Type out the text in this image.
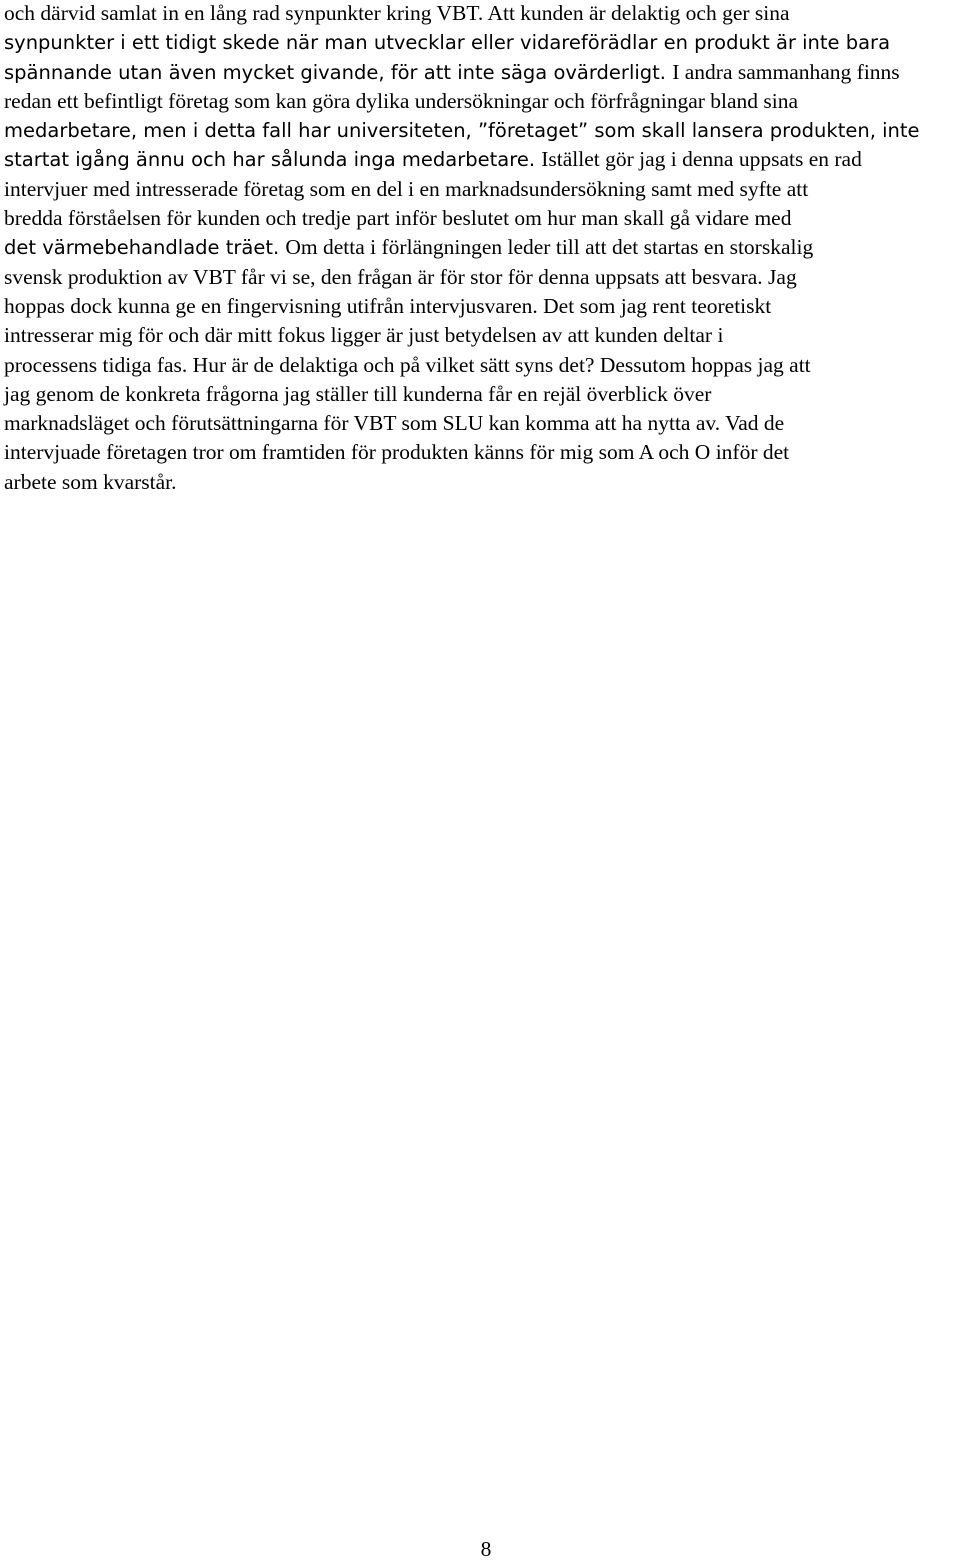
och därvid samlat in en lång rad synpunkter kring VBT. Att kunden är delaktig och ger sina
synpunkter i ett tidigt skede när man utvecklar eller vidareförädlar en produkt är inte bara
spännande utan även mycket givande, för att inte säga ovärderligt. I andra sammanhang finns
redan ett befintligt företag som kan göra dylika undersökningar och förfrågningar bland sina
medarbetare, men i detta fall har universiteten, ”företaget” som skall lansera produkten, inte
startat igång ännu och har sålunda inga medarbetare. Istället gör jag i denna uppsats en rad
intervjuer med intresserade företag som en del i en marknadsundersökning samt med syfte att
bredda förståelsen för kunden och tredje part inför beslutet om hur man skall gå vidare med
det värmebehandlade träet. Om detta i förlängningen leder till att det startas en storskalig
svensk produktion av VBT får vi se, den frågan är för stor för denna uppsats att besvara. Jag
hoppas dock kunna ge en fingervisning utifrån intervjusvaren. Det som jag rent teoretiskt
intresserar mig för och där mitt fokus ligger är just betydelsen av att kunden deltar i
processens tidiga fas. Hur är de delaktiga och på vilket sätt syns det? Dessutom hoppas jag att
jag genom de konkreta frågorna jag ställer till kunderna får en rejäl överblick över
marknadsläget och förutsättningarna för VBT som SLU kan komma att ha nytta av. Vad de
intervjuade företagen tror om framtiden för produkten känns för mig som A och O inför det
arbete som kvarstår.
8
